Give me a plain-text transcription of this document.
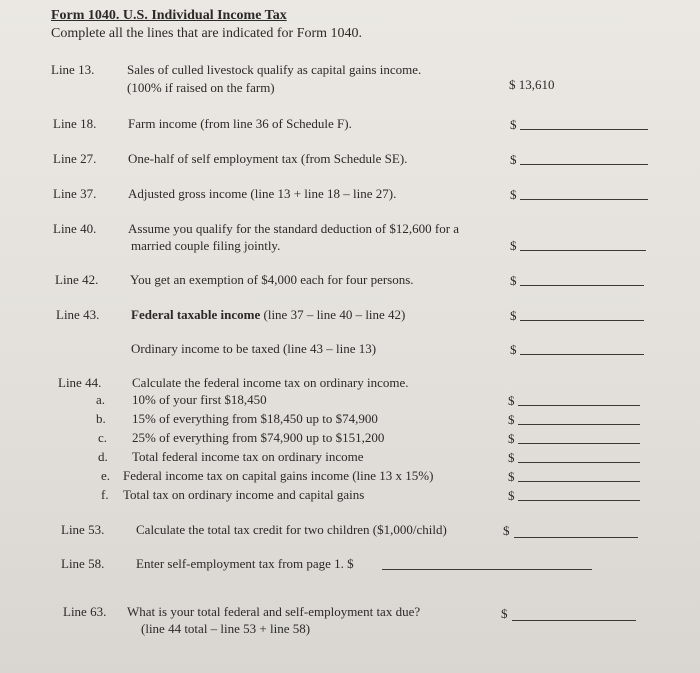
Form 1040. U.S. Individual Income Tax
Complete all the lines that are indicated for Form 1040.
Line 13.	Sales of culled livestock qualify as capital gains income.
(100% if raised on the farm)	$ 13,610
Line 18. Farm income (from line 36 of Schedule F).	$
Line 27. One-half of self employment tax (from Schedule SE).	$
Line 37. Adjusted gross income (line 13 + line 18 – line 27).	$
Line 40. Assume you qualify for the standard deduction of $12,600 for a
married couple filing jointly.	$
Line 42. You get an exemption of $4,000 each for four persons.	$
Line 43. Federal taxable income (line 37 – line 40 – line 42)	$
Ordinary income to be taxed (line 43 – line 13)	$
Line 44. Calculate the federal income tax on ordinary income.
a. 10% of your first $18,450	$
b. 15% of everything from $18,450 up to $74,900	$
c. 25% of everything from $74,900 up to $151,200	$
d. Total federal income tax on ordinary income	$
e. Federal income tax on capital gains income (line 13 x 15%)	$
f. Total tax on ordinary income and capital gains	$
Line 53. Calculate the total tax credit for two children ($1,000/child)	$
Line 58. Enter self-employment tax from page 1. $
Line 63. What is your total federal and self-employment tax due?
(line 44 total – line 53 + line 58)
$
